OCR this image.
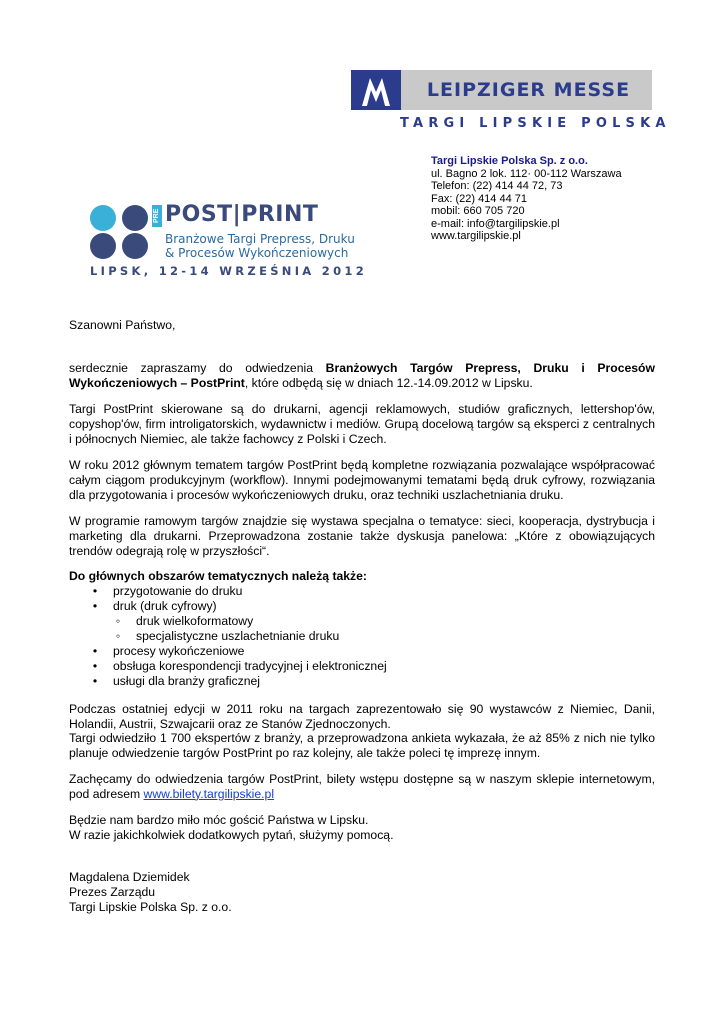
LEIPZIGER MESSE
TARGI LIPSKIE POLSKA
Targi Lipskie Polska Sp. z o.o.
ul. Bagno 2 lok. 112· 00-112 Warszawa
Telefon: (22) 414 44 72, 73
Fax: (22) 414 44 71
mobil: 660 705 720
e-mail: info@targilipskie.pl
www.targilipskie.pl
PRE POST|PRINT
Branżowe Targi Prepress, Druku
& Procesów Wykończeniowych
LIPSK, 12-14 WRZEŚNIA 2012
Szanowni Państwo,
serdecznie zapraszamy do odwiedzenia Branżowych Targów Prepress, Druku i Procesów Wykończeniowych – PostPrint, które odbędą się w dniach 12.-14.09.2012 w Lipsku.
Targi PostPrint skierowane są do drukarni, agencji reklamowych, studiów graficznych, lettershop'ów, copyshop'ów, firm introligatorskich, wydawnictw i mediów. Grupą docelową targów są eksperci z centralnych i północnych Niemiec, ale także fachowcy z Polski i Czech.
W roku 2012 głównym tematem targów PostPrint będą kompletne rozwiązania pozwalające współpracować całym ciągom produkcyjnym (workflow). Innymi podejmowanymi tematami będą druk cyfrowy, rozwiązania dla przygotowania i procesów wykończeniowych druku, oraz techniki uszlachetniania druku.
W programie ramowym targów znajdzie się wystawa specjalna o tematyce: sieci, kooperacja, dystrybucja i marketing dla drukarni. Przeprowadzona zostanie także dyskusja panelowa: „Które z obowiązujących trendów odegrają rolę w przyszłości“.
Do głównych obszarów tematycznych należą także:
• przygotowanie do druku
• druk (druk cyfrowy)
◦ druk wielkoformatowy
◦ specjalistyczne uszlachetnianie druku
• procesy wykończeniowe
• obsługa korespondencji tradycyjnej i elektronicznej
• usługi dla branży graficznej
Podczas ostatniej edycji w 2011 roku na targach zaprezentowało się 90 wystawców z Niemiec, Danii, Holandii, Austrii, Szwajcarii oraz ze Stanów Zjednoczonych.
Targi odwiedziło 1 700 ekspertów z branży, a przeprowadzona ankieta wykazała, że aż 85% z nich nie tylko planuje odwiedzenie targów PostPrint po raz kolejny, ale także poleci tę imprezę innym.
Zachęcamy do odwiedzenia targów PostPrint, bilety wstępu dostępne są w naszym sklepie internetowym, pod adresem www.bilety.targilipskie.pl
Będzie nam bardzo miło móc gościć Państwa w Lipsku.
W razie jakichkolwiek dodatkowych pytań, służymy pomocą.
Magdalena Dziemidek
Prezes Zarządu
Targi Lipskie Polska Sp. z o.o.
